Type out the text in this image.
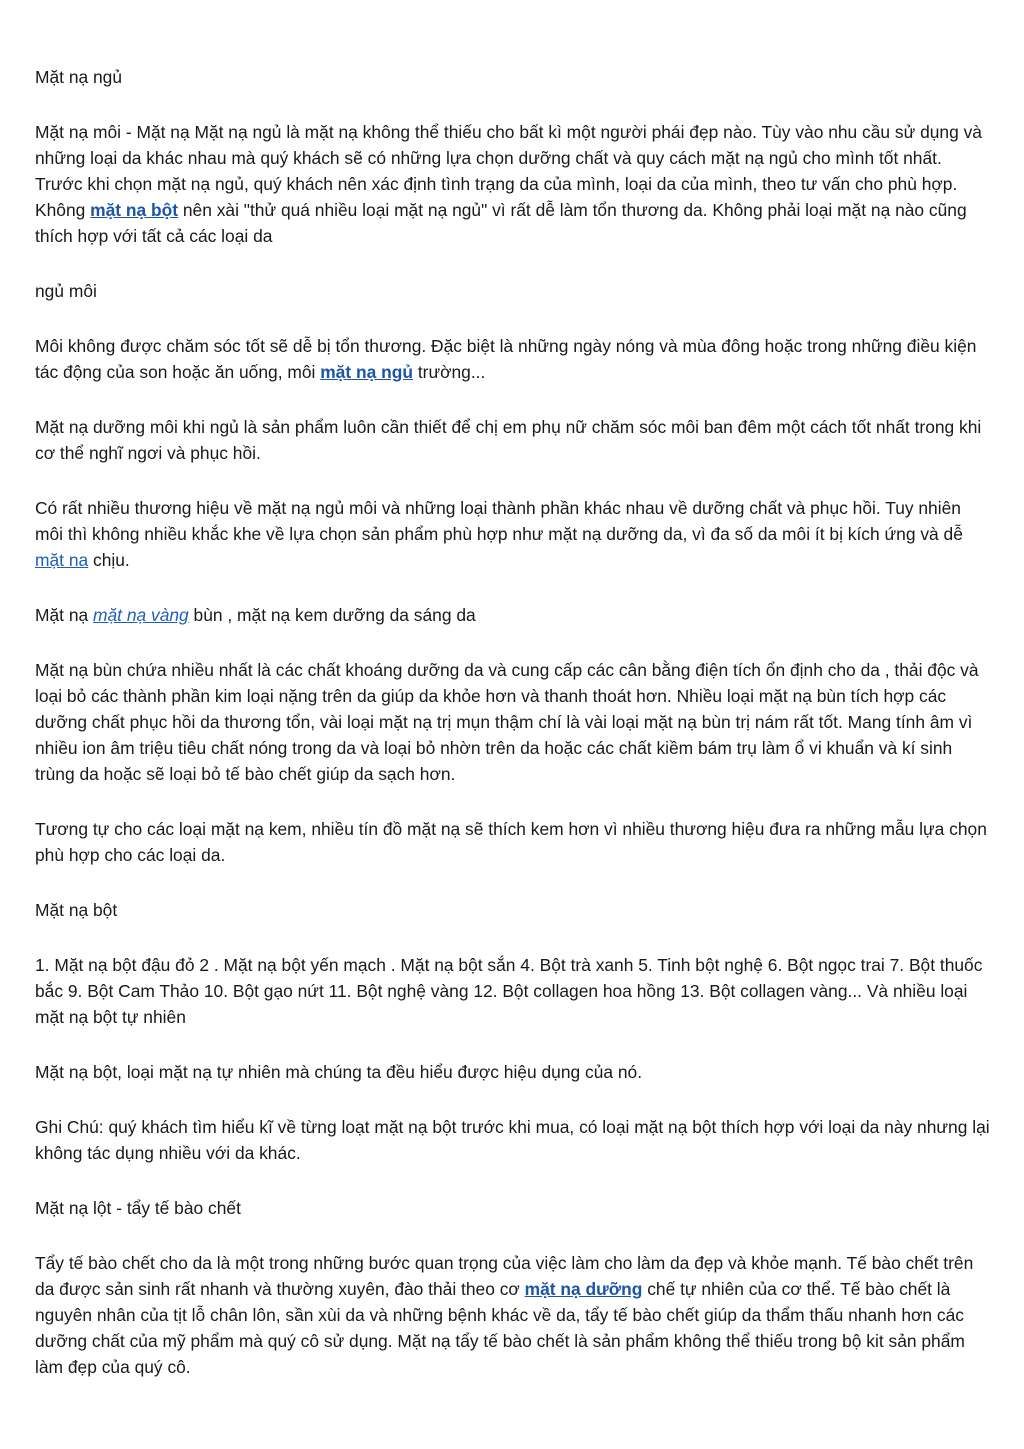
Mặt nạ ngủ

Mặt nạ môi - Mặt nạ Mặt nạ ngủ là mặt nạ không thể thiếu cho bất kì một người phái đẹp nào. Tùy vào nhu cầu sử dụng và những loại da khác nhau mà quý khách sẽ có những lựa chọn dưỡng chất và quy cách mặt nạ ngủ cho mình tốt nhất. Trước khi chọn mặt nạ ngủ, quý khách nên xác định tình trạng da của mình, loại da của mình, theo tư vấn cho phù hợp. Không mặt nạ bột nên xài "thử quá nhiều loại mặt nạ ngủ" vì rất dễ làm tổn thương da. Không phải loại mặt nạ nào cũng thích hợp với tất cả các loại da

ngủ môi

Môi không được chăm sóc tốt sẽ dễ bị tổn thương. Đặc biệt là những ngày nóng và mùa đông hoặc trong những điều kiện tác động của son hoặc ăn uống, môi mặt nạ ngủ trường...

Mặt nạ dưỡng môi khi ngủ là sản phẩm luôn cần thiết để chị em phụ nữ chăm sóc môi ban đêm một cách tốt nhất trong khi cơ thể nghĩ ngơi và phục hồi.

Có rất nhiều thương hiệu về mặt nạ ngủ môi và những loại thành phần khác nhau về dưỡng chất và phục hồi. Tuy nhiên môi thì không nhiều khắc khe về lựa chọn sản phẩm phù hợp như mặt nạ dưỡng da, vì đa số da môi ít bị kích ứng và dễ mặt na chịu.

Mặt nạ mặt nạ vàng bùn , mặt nạ kem dưỡng da sáng da

Mặt nạ bùn chứa nhiều nhất là các chất khoáng dưỡng da và cung cấp các cân bằng điện tích ổn định cho da , thải độc và loại bỏ các thành phần kim loại nặng trên da giúp da khỏe hơn và thanh thoát hơn. Nhiều loại mặt nạ bùn tích hợp các dưỡng chất phục hồi da thương tổn, vài loại mặt nạ trị mụn thậm chí là vài loại mặt nạ bùn trị nám rất tốt. Mang tính âm vì nhiều ion âm triệu tiêu chất nóng trong da và loại bỏ nhờn trên da hoặc các chất kiềm bám trụ làm ổ vi khuẩn và kí sinh trùng da hoặc sẽ loại bỏ tế bào chết giúp da sạch hơn.

Tương tự cho các loại mặt nạ kem, nhiều tín đồ mặt nạ sẽ thích kem hơn vì nhiều thương hiệu đưa ra những mẫu lựa chọn phù hợp cho các loại da.

Mặt nạ bột

1. Mặt nạ bột đậu đỏ 2 . Mặt nạ bột yến mạch . Mặt nạ bột sắn 4. Bột trà xanh 5. Tinh bột nghệ 6. Bột ngọc trai 7. Bột thuốc bắc 9. Bột Cam Thảo 10. Bột gạo nứt 11. Bột nghệ vàng 12. Bột collagen hoa hồng 13. Bột collagen vàng... Và nhiều loại mặt nạ bột tự nhiên

Mặt nạ bột, loại mặt nạ tự nhiên mà chúng ta đều hiểu được hiệu dụng của nó.

Ghi Chú: quý khách tìm hiểu kĩ về từng loạt mặt nạ bột trước khi mua, có loại mặt nạ bột thích hợp với loại da này nhưng lại không tác dụng nhiều với da khác.

Mặt nạ lột - tẩy tế bào chết

Tẩy tế bào chết cho da là một trong những bước quan trọng của việc làm cho làm da đẹp và khỏe mạnh. Tế bào chết trên da được sản sinh rất nhanh và thường xuyên, đào thải theo cơ mặt nạ dưỡng chế tự nhiên của cơ thể. Tế bào chết là nguyên nhân của tịt lỗ chân lôn, sần xùi da và những bệnh khác về da, tẩy tế bào chết giúp da thẩm thấu nhanh hơn các dưỡng chất của mỹ phẩm mà quý cô sử dụng. Mặt nạ tẩy tế bào chết là sản phẩm không thể thiếu trong bộ kit sản phẩm làm đẹp của quý cô.
